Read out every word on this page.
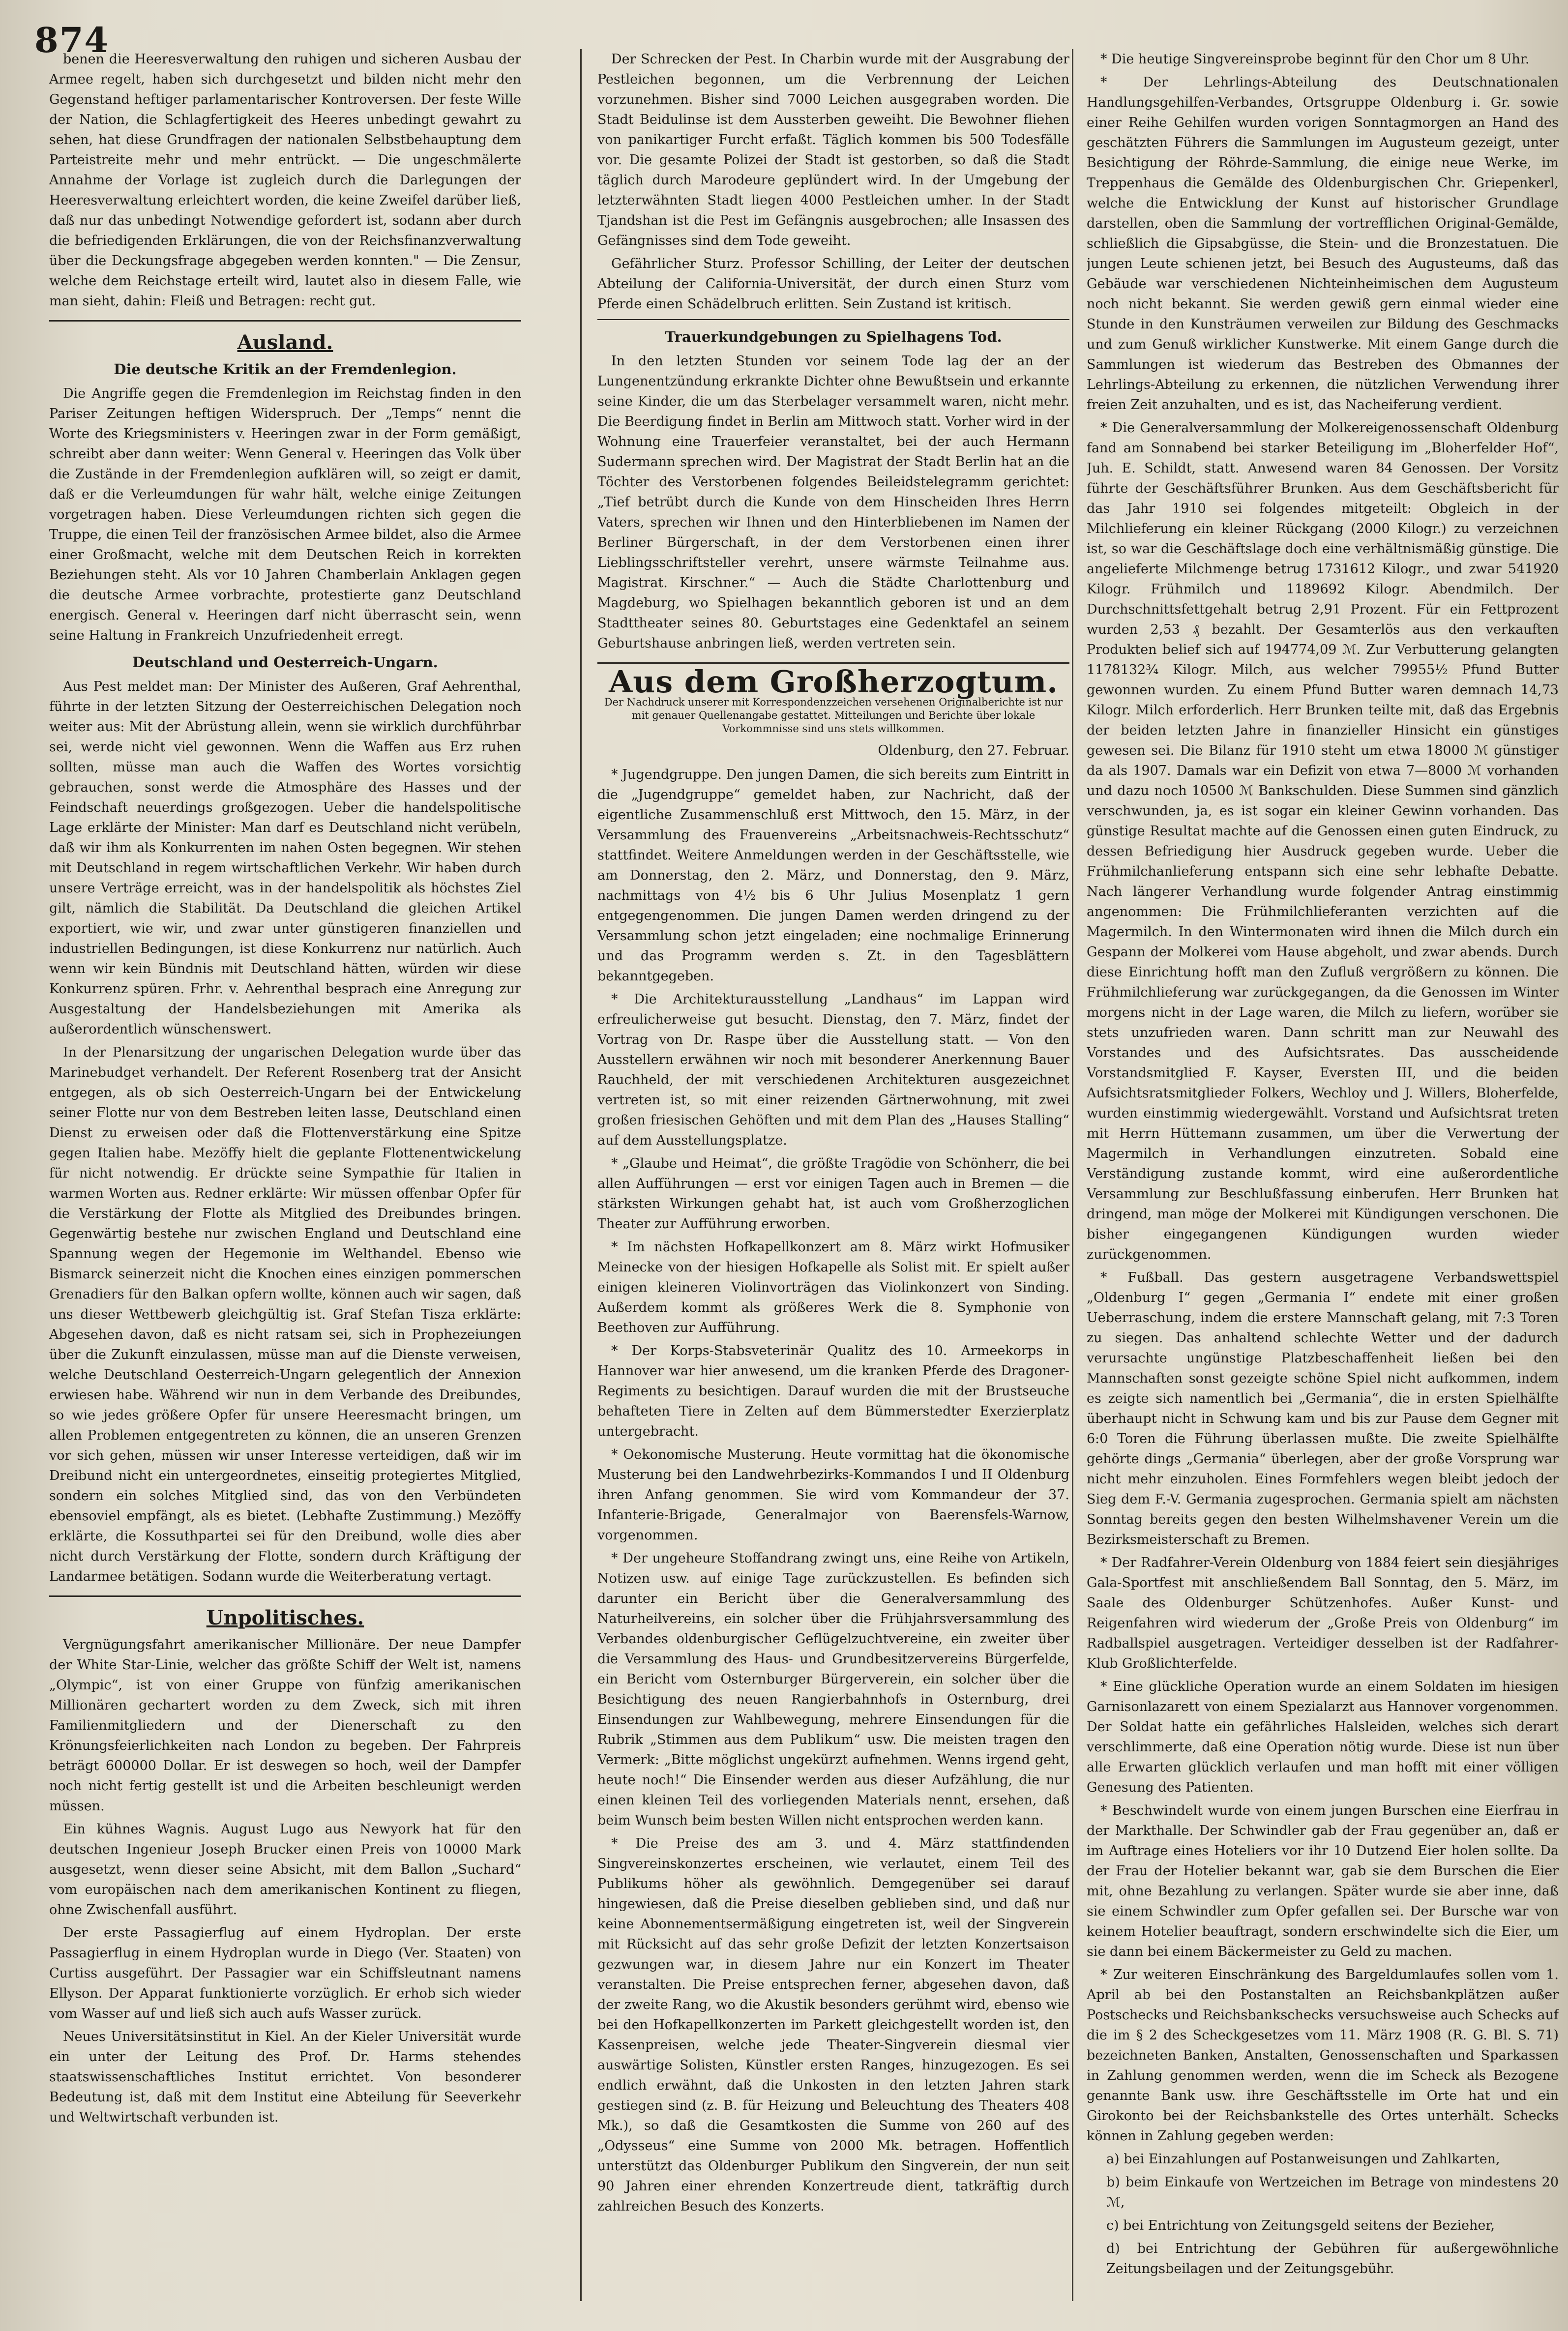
874

benen die Heeresverwaltung den ruhigen und sicheren Ausbau der Armee regelt, haben sich durchgesetzt und bilden nicht mehr den Gegenstand heftiger parlamentarischer Kontroversen. Der feste Wille der Nation, die Schlagfertigkeit des Heeres unbedingt gewahrt zu sehen, hat diese Grundfragen der nationalen Selbstbehauptung dem Parteistreite mehr und mehr entrückt. — Die ungeschmälerte Annahme der Vorlage ist zugleich durch die Darlegungen der Heeresverwaltung erleichtert worden, die keine Zweifel darüber ließ, daß nur das unbedingt Notwendige gefordert ist, sodann aber durch die befriedigenden Erklärungen, die von der Reichsfinanzverwaltung über die Deckungsfrage abgegeben werden konnten." — Die Zensur, welche dem Reichstage erteilt wird, lautet also in diesem Falle, wie man sieht, dahin: Fleiß und Betragen: recht gut.

Ausland.
Die deutsche Kritik an der Fremdenlegion.

Die Angriffe gegen die Fremdenlegion im Reichstag finden in den Pariser Zeitungen heftigen Widerspruch. Der „Temps“ nennt die Worte des Kriegsministers v. Heeringen zwar in der Form gemäßigt, schreibt aber dann weiter: Wenn General v. Heeringen das Volk über die Zustände in der Fremdenlegion aufklären will, so zeigt er damit, daß er die Verleumdungen für wahr hält, welche einige Zeitungen vorgetragen haben. Diese Verleumdungen richten sich gegen die Truppe, die einen Teil der französischen Armee bildet, also die Armee einer Großmacht, welche mit dem Deutschen Reich in korrekten Beziehungen steht. Als vor 10 Jahren Chamberlain Anklagen gegen die deutsche Armee vorbrachte, protestierte ganz Deutschland energisch. General v. Heeringen darf nicht überrascht sein, wenn seine Haltung in Frankreich Unzufriedenheit erregt.

Deutschland und Oesterreich-Ungarn.

Aus Pest meldet man: Der Minister des Außeren, Graf Aehrenthal, führte in der letzten Sitzung der Oesterreichischen Delegation noch weiter aus: Mit der Abrüstung allein, wenn sie wirklich durchführbar sei, werde nicht viel gewonnen. Wenn die Waffen aus Erz ruhen sollten, müsse man auch die Waffen des Wortes vorsichtig gebrauchen, sonst werde die Atmosphäre des Hasses und der Feindschaft neuerdings großgezogen. Ueber die handelspolitische Lage erklärte der Minister: Man darf es Deutschland nicht verübeln, daß wir ihm als Konkurrenten im nahen Osten begegnen. Wir stehen mit Deutschland in regem wirtschaftlichen Verkehr. Wir haben durch unsere Verträge erreicht, was in der handelspolitik als höchstes Ziel gilt, nämlich die Stabilität. Da Deutschland die gleichen Artikel exportiert, wie wir, und zwar unter günstigeren finanziellen und industriellen Bedingungen, ist diese Konkurrenz nur natürlich. Auch wenn wir kein Bündnis mit Deutschland hätten, würden wir diese Konkurrenz spüren. Frhr. v. Aehrenthal besprach eine Anregung zur Ausgestaltung der Handelsbeziehungen mit Amerika als außerordentlich wünschenswert.

In der Plenarsitzung der ungarischen Delegation wurde über das Marinebudget verhandelt. Der Referent Rosenberg trat der Ansicht entgegen, als ob sich Oesterreich-Ungarn bei der Entwickelung seiner Flotte nur von dem Bestreben leiten lasse, Deutschland einen Dienst zu erweisen oder daß die Flottenverstärkung eine Spitze gegen Italien habe. Mezöffy hielt die geplante Flottenentwickelung für nicht notwendig. Er drückte seine Sympathie für Italien in warmen Worten aus. Redner erklärte: Wir müssen offenbar Opfer für die Verstärkung der Flotte als Mitglied des Dreibundes bringen. Gegenwärtig bestehe nur zwischen England und Deutschland eine Spannung wegen der Hegemonie im Welthandel. Ebenso wie Bismarck seinerzeit nicht die Knochen eines einzigen pommerschen Grenadiers für den Balkan opfern wollte, können auch wir sagen, daß uns dieser Wettbewerb gleichgültig ist. Graf Stefan Tisza erklärte: Abgesehen davon, daß es nicht ratsam sei, sich in Prophezeiungen über die Zukunft einzulassen, müsse man auf die Dienste verweisen, welche Deutschland Oesterreich-Ungarn gelegentlich der Annexion erwiesen habe. Während wir nun in dem Verbande des Dreibundes, so wie jedes größere Opfer für unsere Heeresmacht bringen, um allen Problemen entgegentreten zu können, die an unseren Grenzen vor sich gehen, müssen wir unser Interesse verteidigen, daß wir im Dreibund nicht ein untergeordnetes, einseitig protegiertes Mitglied, sondern ein solches Mitglied sind, das von den Verbündeten ebensoviel empfängt, als es bietet. (Lebhafte Zustimmung.) Mezöffy erklärte, die Kossuthpartei sei für den Dreibund, wolle dies aber nicht durch Verstärkung der Flotte, sondern durch Kräftigung der Landarmee betätigen. Sodann wurde die Weiterberatung vertagt.

Unpolitisches.

Vergnügungsfahrt amerikanischer Millionäre. Der neue Dampfer der White Star-Linie, welcher das größte Schiff der Welt ist, namens „Olympic“, ist von einer Gruppe von fünfzig amerikanischen Millionären gechartert worden zu dem Zweck, sich mit ihren Familienmitgliedern und der Dienerschaft zu den Krönungsfeierlichkeiten nach London zu begeben. Der Fahrpreis beträgt 600000 Dollar. Er ist deswegen so hoch, weil der Dampfer noch nicht fertig gestellt ist und die Arbeiten beschleunigt werden müssen.

Ein kühnes Wagnis. August Lugo aus Newyork hat für den deutschen Ingenieur Joseph Brucker einen Preis von 10000 Mark ausgesetzt, wenn dieser seine Absicht, mit dem Ballon „Suchard“ vom europäischen nach dem amerikanischen Kontinent zu fliegen, ohne Zwischenfall ausführt.

Der erste Passagierflug auf einem Hydroplan. Der erste Passagierflug in einem Hydroplan wurde in Diego (Ver. Staaten) von Curtiss ausgeführt. Der Passagier war ein Schiffsleutnant namens Ellyson. Der Apparat funktionierte vorzüglich. Er erhob sich wieder vom Wasser auf und ließ sich auch aufs Wasser zurück.

Neues Universitätsinstitut in Kiel. An der Kieler Universität wurde ein unter der Leitung des Prof. Dr. Harms stehendes staatswissenschaftliches Institut errichtet. Von besonderer Bedeutung ist, daß mit dem Institut eine Abteilung für Seeverkehr und Weltwirtschaft verbunden ist.

Der Schrecken der Pest. In Charbin wurde mit der Ausgrabung der Pestleichen begonnen, um die Verbrennung der Leichen vorzunehmen. Bisher sind 7000 Leichen ausgegraben worden. Die Stadt Beidulinse ist dem Aussterben geweiht. Die Bewohner fliehen von panikartiger Furcht erfaßt. Täglich kommen bis 500 Todesfälle vor. Die gesamte Polizei der Stadt ist gestorben, so daß die Stadt täglich durch Marodeure geplündert wird. In der Umgebung der letzterwähnten Stadt liegen 4000 Pestleichen umher. In der Stadt Tjandshan ist die Pest im Gefängnis ausgebrochen; alle Insassen des Gefängnisses sind dem Tode geweiht.

Gefährlicher Sturz. Professor Schilling, der Leiter der deutschen Abteilung der California-Universität, der durch einen Sturz vom Pferde einen Schädelbruch erlitten. Sein Zustand ist kritisch.

Trauerkundgebungen zu Spielhagens Tod.

In den letzten Stunden vor seinem Tode lag der an der Lungenentzündung erkrankte Dichter ohne Bewußtsein und erkannte seine Kinder, die um das Sterbelager versammelt waren, nicht mehr. Die Beerdigung findet in Berlin am Mittwoch statt. Vorher wird in der Wohnung eine Trauerfeier veranstaltet, bei der auch Hermann Sudermann sprechen wird. Der Magistrat der Stadt Berlin hat an die Töchter des Verstorbenen folgendes Beileidstelegramm gerichtet: „Tief betrübt durch die Kunde von dem Hinscheiden Ihres Herrn Vaters, sprechen wir Ihnen und den Hinterbliebenen im Namen der Berliner Bürgerschaft, in der dem Verstorbenen einen ihrer Lieblingsschriftsteller verehrt, unsere wärmste Teilnahme aus. Magistrat. Kirschner.“ — Auch die Städte Charlottenburg und Magdeburg, wo Spielhagen bekanntlich geboren ist und an dem Stadttheater seines 80. Geburtstages eine Gedenktafel an seinem Geburtshause anbringen ließ, werden vertreten sein.

Aus dem Großherzogtum.
Der Nachdruck unserer mit Korrespondenzzeichen versehenen Originalberichte ist nur mit genauer Quellenangabe gestattet. Mitteilungen und Berichte über lokale Vorkommnisse sind uns stets willkommen.
Oldenburg, den 27. Februar.

* Jugendgruppe. Den jungen Damen, die sich bereits zum Eintritt in die „Jugendgruppe“ gemeldet haben, zur Nachricht, daß der eigentliche Zusammenschluß erst Mittwoch, den 15. März, in der Versammlung des Frauenvereins „Arbeitsnachweis-Rechtsschutz“ stattfindet. Weitere Anmeldungen werden in der Geschäftsstelle, wie am Donnerstag, den 2. März, und Donnerstag, den 9. März, nachmittags von 4½ bis 6 Uhr Julius Mosenplatz 1 gern entgegengenommen. Die jungen Damen werden dringend zu der Versammlung schon jetzt eingeladen; eine nochmalige Erinnerung und das Programm werden s. Zt. in den Tagesblättern bekanntgegeben.

* Die Architekturausstellung „Landhaus“ im Lappan wird erfreulicherweise gut besucht. Dienstag, den 7. März, findet der Vortrag von Dr. Raspe über die Ausstellung statt. — Von den Ausstellern erwähnen wir noch mit besonderer Anerkennung Bauer Rauchheld, der mit verschiedenen Architekturen ausgezeichnet vertreten ist, so mit einer reizenden Gärtnerwohnung, mit zwei großen friesischen Gehöften und mit dem Plan des „Hauses Stalling“ auf dem Ausstellungsplatze.

* „Glaube und Heimat“, die größte Tragödie von Schönherr, die bei allen Aufführungen — erst vor einigen Tagen auch in Bremen — die stärksten Wirkungen gehabt hat, ist auch vom Großherzoglichen Theater zur Aufführung erworben.

* Im nächsten Hofkapellkonzert am 8. März wirkt Hofmusiker Meinecke von der hiesigen Hofkapelle als Solist mit. Er spielt außer einigen kleineren Violinvorträgen das Violinkonzert von Sinding. Außerdem kommt als größeres Werk die 8. Symphonie von Beethoven zur Aufführung.

* Der Korps-Stabsveterinär Qualitz des 10. Armeekorps in Hannover war hier anwesend, um die kranken Pferde des Dragoner-Regiments zu besichtigen. Darauf wurden die mit der Brustseuche behafteten Tiere in Zelten auf dem Bümmerstedter Exerzierplatz untergebracht.

* Oekonomische Musterung. Heute vormittag hat die ökonomische Musterung bei den Landwehrbezirks-Kommandos I und II Oldenburg ihren Anfang genommen. Sie wird vom Kommandeur der 37. Infanterie-Brigade, Generalmajor von Baerensfels-Warnow, vorgenommen.

* Der ungeheure Stoffandrang zwingt uns, eine Reihe von Artikeln, Notizen usw. auf einige Tage zurückzustellen. Es befinden sich darunter ein Bericht über die Generalversammlung des Naturheilvereins, ein solcher über die Frühjahrsversammlung des Verbandes oldenburgischer Geflügelzuchtvereine, ein zweiter über die Versammlung des Haus- und Grundbesitzervereins Bürgerfelde, ein Bericht vom Osternburger Bürgerverein, ein solcher über die Besichtigung des neuen Rangierbahnhofs in Osternburg, drei Einsendungen zur Wahlbewegung, mehrere Einsendungen für die Rubrik „Stimmen aus dem Publikum“ usw. Die meisten tragen den Vermerk: „Bitte möglichst ungekürzt aufnehmen. Wenns irgend geht, heute noch!“ Die Einsender werden aus dieser Aufzählung, die nur einen kleinen Teil des vorliegenden Materials nennt, ersehen, daß beim Wunsch beim besten Willen nicht entsprochen werden kann.

* Die Preise des am 3. und 4. März stattfindenden Singvereinskonzertes erscheinen, wie verlautet, einem Teil des Publikums höher als gewöhnlich. Demgegenüber sei darauf hingewiesen, daß die Preise dieselben geblieben sind, und daß nur keine Abonnementsermäßigung eingetreten ist, weil der Singverein mit Rücksicht auf das sehr große Defizit der letzten Konzertsaison gezwungen war, in diesem Jahre nur ein Konzert im Theater veranstalten. Die Preise entsprechen ferner, abgesehen davon, daß der zweite Rang, wo die Akustik besonders gerühmt wird, ebenso wie bei den Hofkapellkonzerten im Parkett gleichgestellt worden ist, den Kassenpreisen, welche jede Theater-Singverein diesmal vier auswärtige Solisten, Künstler ersten Ranges, hinzugezogen. Es sei endlich erwähnt, daß die Unkosten in den letzten Jahren stark gestiegen sind (z. B. für Heizung und Beleuchtung des Theaters 408 Mk.), so daß die Gesamtkosten die Summe von 260 auf des „Odysseus“ eine Summe von 2000 Mk. betragen. Hoffentlich unterstützt das Oldenburger Publikum den Singverein, der nun seit 90 Jahren einer ehrenden Konzertreude dient, tatkräftig durch zahlreichen Besuch des Konzerts.

* Die heutige Singvereinsprobe beginnt für den Chor um 8 Uhr.

* Der Lehrlings-Abteilung des Deutschnationalen Handlungsgehilfen-Verbandes, Ortsgruppe Oldenburg i. Gr. sowie einer Reihe Gehilfen wurden vorigen Sonntagmorgen an Hand des geschätzten Führers die Sammlungen im Augusteum gezeigt, unter Besichtigung der Röhrde-Sammlung, die einige neue Werke, im Treppenhaus die Gemälde des Oldenburgischen Chr. Griepenkerl, welche die Entwicklung der Kunst auf historischer Grundlage darstellen, oben die Sammlung der vortrefflichen Original-Gemälde, schließlich die Gipsabgüsse, die Stein- und die Bronzestatuen. Die jungen Leute schienen jetzt, bei Besuch des Augusteums, daß das Gebäude war verschiedenen Nichteinheimischen dem Augusteum noch nicht bekannt. Sie werden gewiß gern einmal wieder eine Stunde in den Kunsträumen verweilen zur Bildung des Geschmacks und zum Genuß wirklicher Kunstwerke. Mit einem Gange durch die Sammlungen ist wiederum das Bestreben des Obmannes der Lehrlings-Abteilung zu erkennen, die nützlichen Verwendung ihrer freien Zeit anzuhalten, und es ist, das Nacheiferung verdient.

* Die Generalversammlung der Molkereigenossenschaft Oldenburg fand am Sonnabend bei starker Beteiligung im „Bloherfelder Hof“, Juh. E. Schildt, statt. Anwesend waren 84 Genossen. Der Vorsitz führte der Geschäftsführer Brunken. Aus dem Geschäftsbericht für das Jahr 1910 sei folgendes mitgeteilt: Obgleich in der Milchlieferung ein kleiner Rückgang (2000 Kilogr.) zu verzeichnen ist, so war die Geschäftslage doch eine verhältnismäßig günstige. Die angelieferte Milchmenge betrug 1731612 Kilogr., und zwar 541920 Kilogr. Frühmilch und 1189692 Kilogr. Abendmilch. Der Durchschnittsfettgehalt betrug 2,91 Prozent. Für ein Fettprozent wurden 2,53 ₰ bezahlt. Der Gesamterlös aus den verkauften Produkten belief sich auf 194774,09 ℳ. Zur Verbutterung gelangten 1178132¾ Kilogr. Milch, aus welcher 79955½ Pfund Butter gewonnen wurden. Zu einem Pfund Butter waren demnach 14,73 Kilogr. Milch erforderlich. Herr Brunken teilte mit, daß das Ergebnis der beiden letzten Jahre in finanzieller Hinsicht ein günstiges gewesen sei. Die Bilanz für 1910 steht um etwa 18000 ℳ günstiger da als 1907. Damals war ein Defizit von etwa 7—8000 ℳ vorhanden und dazu noch 10500 ℳ Bankschulden. Diese Summen sind gänzlich verschwunden, ja, es ist sogar ein kleiner Gewinn vorhanden. Das günstige Resultat machte auf die Genossen einen guten Eindruck, zu dessen Befriedigung hier Ausdruck gegeben wurde. Ueber die Frühmilchanlieferung entspann sich eine sehr lebhafte Debatte. Nach längerer Verhandlung wurde folgender Antrag einstimmig angenommen: Die Frühmilchlieferanten verzichten auf die Magermilch. In den Wintermonaten wird ihnen die Milch durch ein Gespann der Molkerei vom Hause abgeholt, und zwar abends. Durch diese Einrichtung hofft man den Zufluß vergrößern zu können. Die Frühmilchlieferung war zurückgegangen, da die Genossen im Winter morgens nicht in der Lage waren, die Milch zu liefern, worüber sie stets unzufrieden waren. Dann schritt man zur Neuwahl des Vorstandes und des Aufsichtsrates. Das ausscheidende Vorstandsmitglied F. Kayser, Eversten III, und die beiden Aufsichtsratsmitglieder Folkers, Wechloy und J. Willers, Bloherfelde, wurden einstimmig wiedergewählt. Vorstand und Aufsichtsrat treten mit Herrn Hüttemann zusammen, um über die Verwertung der Magermilch in Verhandlungen einzutreten. Sobald eine Verständigung zustande kommt, wird eine außerordentliche Versammlung zur Beschlußfassung einberufen. Herr Brunken hat dringend, man möge der Molkerei mit Kündigungen verschonen. Die bisher eingegangenen Kündigungen wurden wieder zurückgenommen.

* Fußball. Das gestern ausgetragene Verbandswettspiel „Oldenburg I“ gegen „Germania I“ endete mit einer großen Ueberraschung, indem die erstere Mannschaft gelang, mit 7:3 Toren zu siegen. Das anhaltend schlechte Wetter und der dadurch verursachte ungünstige Platzbeschaffenheit ließen bei den Mannschaften sonst gezeigte schöne Spiel nicht aufkommen, indem es zeigte sich namentlich bei „Germania“, die in ersten Spielhälfte überhaupt nicht in Schwung kam und bis zur Pause dem Gegner mit 6:0 Toren die Führung überlassen mußte. Die zweite Spielhälfte gehörte dings „Germania“ überlegen, aber der große Vorsprung war nicht mehr einzuholen. Eines Formfehlers wegen bleibt jedoch der Sieg dem F.-V. Germania zugesprochen. Germania spielt am nächsten Sonntag bereits gegen den besten Wilhelmshavener Verein um die Bezirksmeisterschaft zu Bremen.

* Der Radfahrer-Verein Oldenburg von 1884 feiert sein diesjähriges Gala-Sportfest mit anschließendem Ball Sonntag, den 5. März, im Saale des Oldenburger Schützenhofes. Außer Kunst- und Reigenfahren wird wiederum der „Große Preis von Oldenburg“ im Radballspiel ausgetragen. Verteidiger desselben ist der Radfahrer-Klub Großlichterfelde.

* Eine glückliche Operation wurde an einem Soldaten im hiesigen Garnisonlazarett von einem Spezialarzt aus Hannover vorgenommen. Der Soldat hatte ein gefährliches Halsleiden, welches sich derart verschlimmerte, daß eine Operation nötig wurde. Diese ist nun über alle Erwarten glücklich verlaufen und man hofft mit einer völligen Genesung des Patienten.

* Beschwindelt wurde von einem jungen Burschen eine Eierfrau in der Markthalle. Der Schwindler gab der Frau gegenüber an, daß er im Auftrage eines Hoteliers vor ihr 10 Dutzend Eier holen sollte. Da der Frau der Hotelier bekannt war, gab sie dem Burschen die Eier mit, ohne Bezahlung zu verlangen. Später wurde sie aber inne, daß sie einem Schwindler zum Opfer gefallen sei. Der Bursche war von keinem Hotelier beauftragt, sondern erschwindelte sich die Eier, um sie dann bei einem Bäckermeister zu Geld zu machen.

* Zur weiteren Einschränkung des Bargeldumlaufes sollen vom 1. April ab bei den Postanstalten an Reichsbankplätzen außer Postschecks und Reichsbankschecks versuchsweise auch Schecks auf die im § 2 des Scheckgesetzes vom 11. März 1908 (R. G. Bl. S. 71) bezeichneten Banken, Anstalten, Genossenschaften und Sparkassen in Zahlung genommen werden, wenn die im Scheck als Bezogene genannte Bank usw. ihre Geschäftsstelle im Orte hat und ein Girokonto bei der Reichsbankstelle des Ortes unterhält. Schecks können in Zahlung gegeben werden:

a) bei Einzahlungen auf Postanweisungen und Zahlkarten,

b) beim Einkaufe von Wertzeichen im Betrage von mindestens 20 ℳ,

c) bei Entrichtung von Zeitungsgeld seitens der Bezieher,

d) bei Entrichtung der Gebühren für außergewöhnliche Zeitungsbeilagen und der Zeitungsgebühr.
